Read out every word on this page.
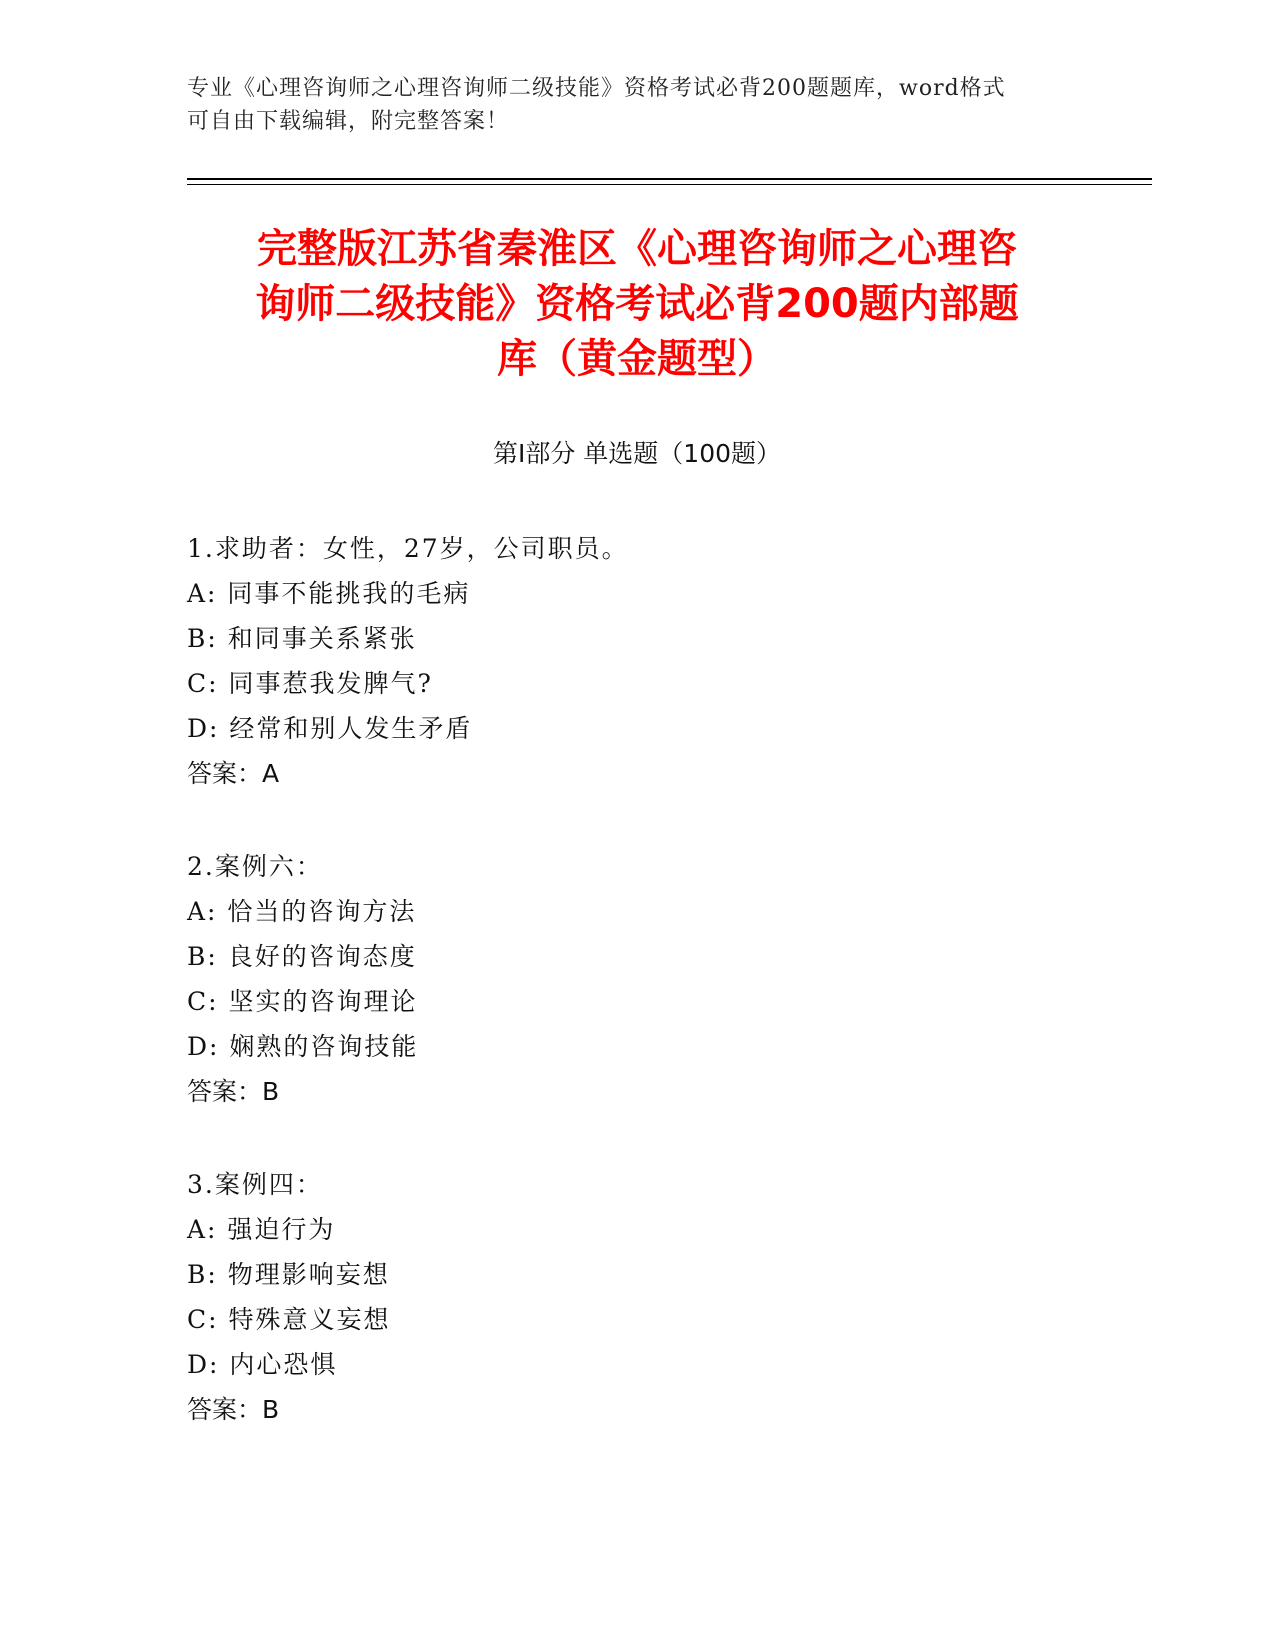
专业《心理咨询师之心理咨询师二级技能》资格考试必背200题题库，word格式
可自由下载编辑，附完整答案！
完整版江苏省秦淮区《心理咨询师之心理咨
询师二级技能》资格考试必背200题内部题
库（黄金题型）
第Ⅰ部分 单选题（100题）
1.求助者：女性，27岁，公司职员。
A: 同事不能挑我的毛病
B: 和同事关系紧张
C: 同事惹我发脾气?
D: 经常和别人发生矛盾
答案：A
2.案例六：
A: 恰当的咨询方法
B: 良好的咨询态度
C: 坚实的咨询理论
D: 娴熟的咨询技能
答案：B
3.案例四：
A: 强迫行为
B: 物理影响妄想
C: 特殊意义妄想
D: 内心恐惧
答案：B
